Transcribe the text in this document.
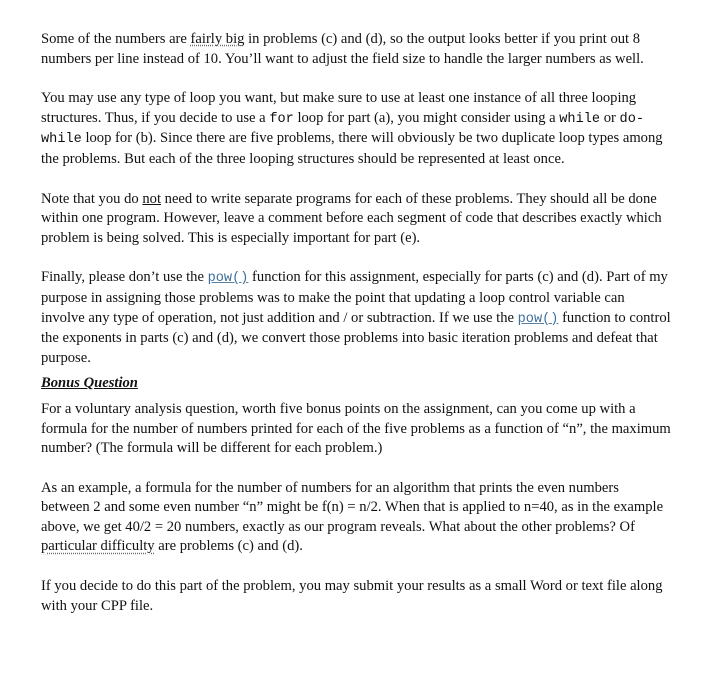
Some of the numbers are fairly big in problems (c) and (d), so the output looks better if you print out 8 numbers per line instead of 10. You’ll want to adjust the field size to handle the larger numbers as well.

You may use any type of loop you want, but make sure to use at least one instance of all three looping structures. Thus, if you decide to use a for loop for part (a), you might consider using a while or do-while loop for (b). Since there are five problems, there will obviously be two duplicate loop types among the problems. But each of the three looping structures should be represented at least once.

Note that you do not need to write separate programs for each of these problems. They should all be done within one program. However, leave a comment before each segment of code that describes exactly which problem is being solved. This is especially important for part (e).

Finally, please don’t use the pow() function for this assignment, especially for parts (c) and (d). Part of my purpose in assigning those problems was to make the point that updating a loop control variable can involve any type of operation, not just addition and / or subtraction. If we use the pow() function to control the exponents in parts (c) and (d), we convert those problems into basic iteration problems and defeat that purpose.

Bonus Question

For a voluntary analysis question, worth five bonus points on the assignment, can you come up with a formula for the number of numbers printed for each of the five problems as a function of “n”, the maximum number? (The formula will be different for each problem.)

As an example, a formula for the number of numbers for an algorithm that prints the even numbers between 2 and some even number “n” might be f(n) = n/2. When that is applied to n=40, as in the example above, we get 40/2 = 20 numbers, exactly as our program reveals. What about the other problems? Of particular difficulty are problems (c) and (d).

If you decide to do this part of the problem, you may submit your results as a small Word or text file along with your CPP file.
